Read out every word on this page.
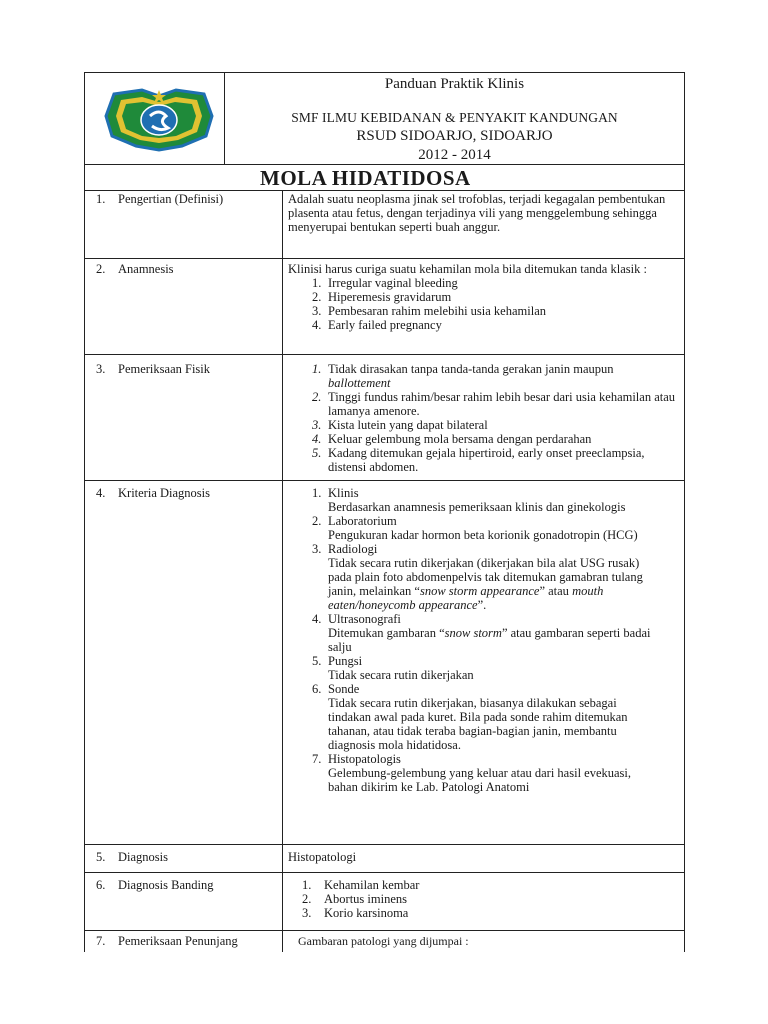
Panduan Praktik Klinis
SMF ILMU KEBIDANAN & PENYAKIT KANDUNGAN
RSUD SIDOARJO, SIDOARJO
2012 - 2014
MOLA HIDATIDOSA
1. Pengertian (Definisi)	Adalah suatu neoplasma jinak sel trofoblas, terjadi kegagalan pembentukan plasenta atau fetus, dengan terjadinya vili yang menggelembung sehingga menyerupai bentukan seperti buah anggur.
2. Anamnesis	Klinisi harus curiga suatu kehamilan mola bila ditemukan tanda klasik :
1. Irregular vaginal bleeding
2. Hiperemesis gravidarum
3. Pembesaran rahim melebihi usia kehamilan
4. Early failed pregnancy
3. Pemeriksaan Fisik	1. Tidak dirasakan tanpa tanda-tanda gerakan janin maupun ballottement
2. Tinggi fundus rahim/besar rahim lebih besar dari usia kehamilan atau lamanya amenore.
3. Kista lutein yang dapat bilateral
4. Keluar gelembung mola bersama dengan perdarahan
5. Kadang ditemukan gejala hipertiroid, early onset preeclampsia, distensi abdomen.
4. Kriteria Diagnosis	1. Klinis
Berdasarkan anamnesis pemeriksaan klinis dan ginekologis
2. Laboratorium
Pengukuran kadar hormon beta korionik gonadotropin (HCG)
3. Radiologi
Tidak secara rutin dikerjakan (dikerjakan bila alat USG rusak) pada plain foto abdomenpelvis tak ditemukan gamabran tulang janin, melainkan “snow storm appearance” atau mouth eaten/honeycomb appearance”.
4. Ultrasonografi
Ditemukan gambaran “snow storm” atau gambaran seperti badai salju
5. Pungsi
Tidak secara rutin dikerjakan
6. Sonde
Tidak secara rutin dikerjakan, biasanya dilakukan sebagai tindakan awal pada kuret. Bila pada sonde rahim ditemukan tahanan, atau tidak teraba bagian-bagian janin, membantu diagnosis mola hidatidosa.
7. Histopatologis
Gelembung-gelembung yang keluar atau dari hasil evekuasi, bahan dikirim ke Lab. Patologi Anatomi
5. Diagnosis	Histopatologi
6. Diagnosis Banding	1. Kehamilan kembar
2. Abortus iminens
3. Korio karsinoma
7. Pemeriksaan Penunjang	Gambaran patologi yang dijumpai :
